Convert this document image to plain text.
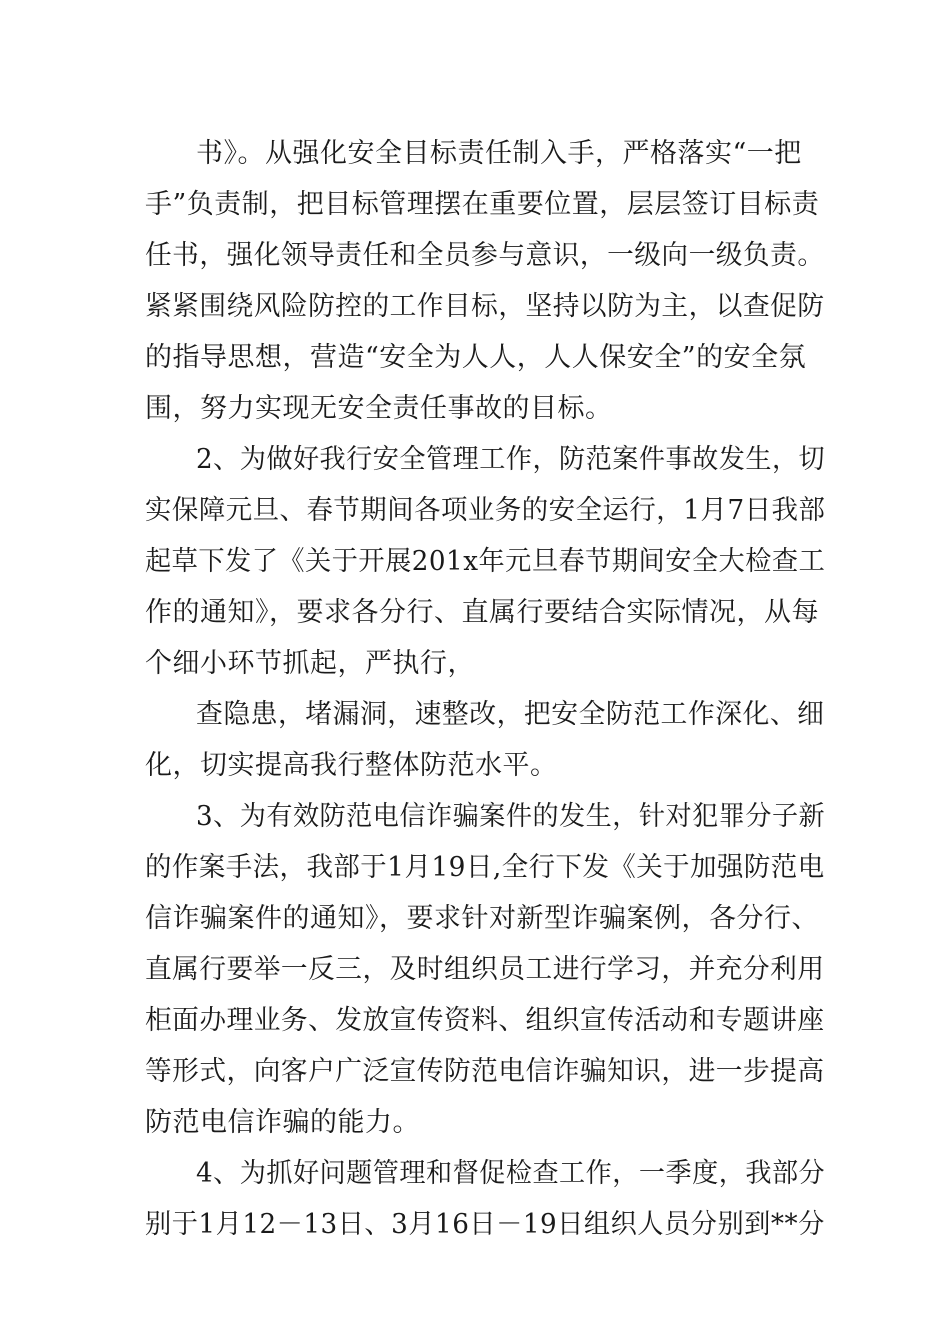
书》。从强化安全目标责任制入手，严格落实“一把
手”负责制，把目标管理摆在重要位置，层层签订目标责
任书，强化领导责任和全员参与意识，一级向一级负责。
紧紧围绕风险防控的工作目标，坚持以防为主，以查促防
的指导思想，营造“安全为人人，人人保安全”的安全氛
围，努力实现无安全责任事故的目标。
2、为做好我行安全管理工作，防范案件事故发生，切
实保障元旦、春节期间各项业务的安全运行，1月7日我部
起草下发了《关于开展201x年元旦春节期间安全大检查工
作的通知》，要求各分行、直属行要结合实际情况，从每
个细小环节抓起，严执行，
查隐患，堵漏洞，速整改，把安全防范工作深化、细
化，切实提高我行整体防范水平。
3、为有效防范电信诈骗案件的发生，针对犯罪分子新
的作案手法，我部于1月19日,全行下发《关于加强防范电
信诈骗案件的通知》，要求针对新型诈骗案例，各分行、
直属行要举一反三，及时组织员工进行学习，并充分利用
柜面办理业务、发放宣传资料、组织宣传活动和专题讲座
等形式，向客户广泛宣传防范电信诈骗知识，进一步提高
防范电信诈骗的能力。
4、为抓好问题管理和督促检查工作，一季度，我部分
别于1月12－13日、3月16日－19日组织人员分别到**分
